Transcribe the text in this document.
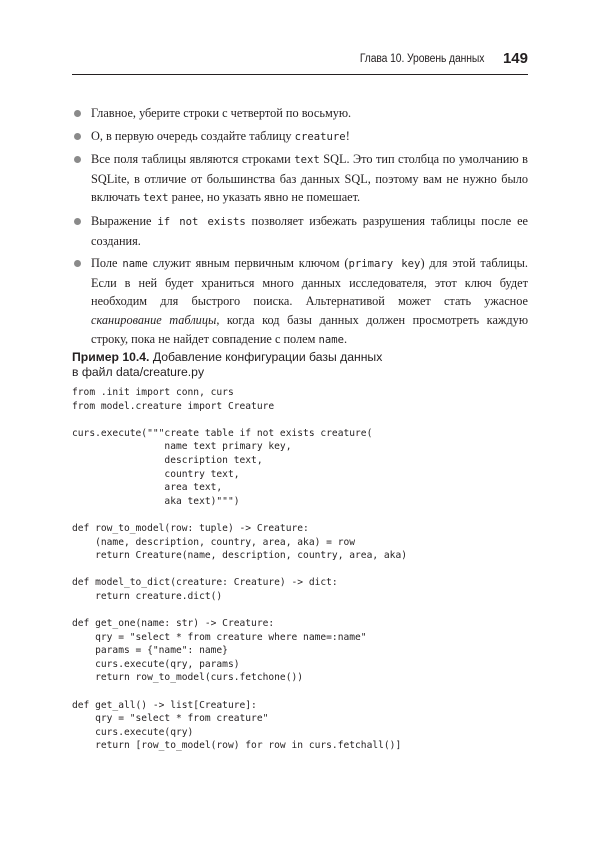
Глава 10. Уровень данных 149
Главное, уберите строки с четвертой по восьмую.
О, в первую очередь создайте таблицу creature!
Все поля таблицы являются строками text SQL. Это тип столбца по умолчанию в SQLite, в отличие от большинства баз данных SQL, поэтому вам не нужно было включать text ранее, но указать явно не помешает.
Выражение if not exists позволяет избежать разрушения таблицы после ее создания.
Поле name служит явным первичным ключом (primary key) для этой таблицы. Если в ней будет храниться много данных исследователя, этот ключ будет необходим для быстрого поиска. Альтернативой может стать ужасное сканирование таблицы, когда код базы данных должен просмотреть каждую строку, пока не найдет совпадение с полем name.
Пример 10.4. Добавление конфигурации базы данных в файл data/creature.py
from .init import conn, curs
from model.creature import Creature

curs.execute("""create table if not exists creature(
name text primary key,
description text,
country text,
area text,
aka text)""")

def row_to_model(row: tuple) -> Creature:
(name, description, country, area, aka) = row
return Creature(name, description, country, area, aka)

def model_to_dict(creature: Creature) -> dict:
return creature.dict()

def get_one(name: str) -> Creature:
qry = "select * from creature where name=:name"
params = {"name": name}
curs.execute(qry, params)
return row_to_model(curs.fetchone())

def get_all() -> list[Creature]:
qry = "select * from creature"
curs.execute(qry)
return [row_to_model(row) for row in curs.fetchall()]
